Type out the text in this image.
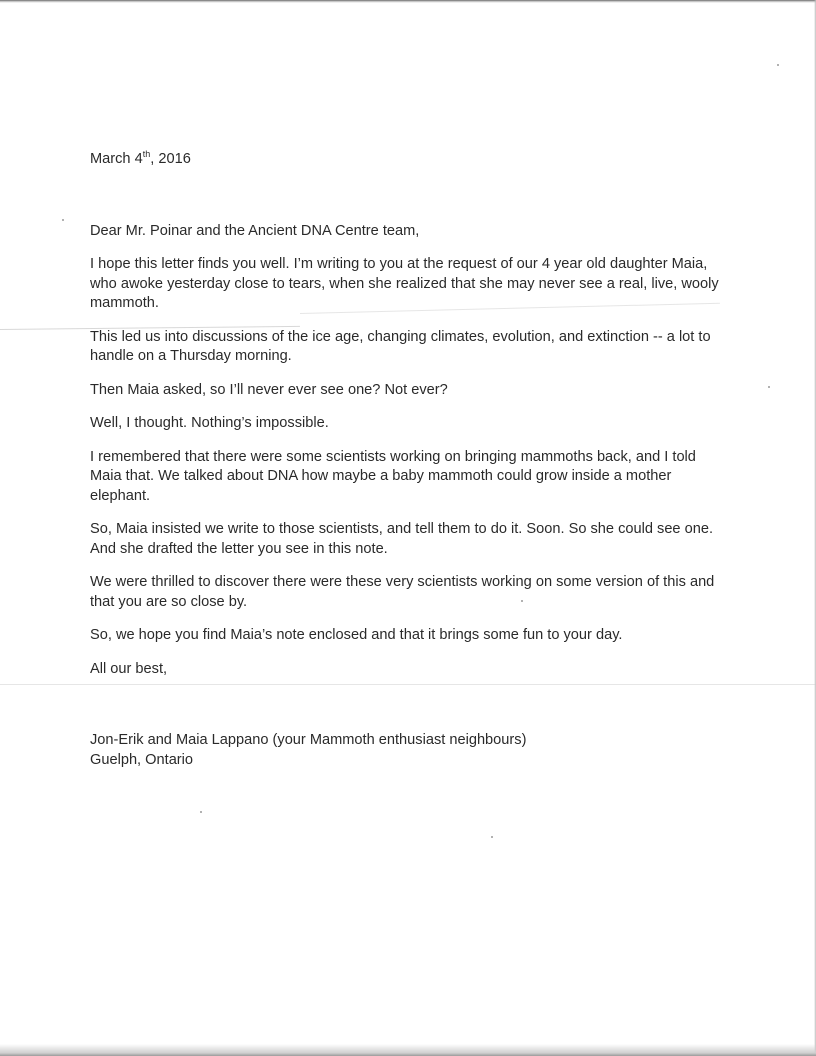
March 4th, 2016

Dear Mr. Poinar and the Ancient DNA Centre team,

I hope this letter finds you well. I’m writing to you at the request of our 4 year old daughter Maia, who awoke yesterday close to tears, when she realized that she may never see a real, live, wooly mammoth.

This led us into discussions of the ice age, changing climates, evolution, and extinction -- a lot to handle on a Thursday morning.

Then Maia asked, so I’ll never ever see one? Not ever?

Well, I thought. Nothing’s impossible.

I remembered that there were some scientists working on bringing mammoths back, and I told Maia that. We talked about DNA how maybe a baby mammoth could grow inside a mother elephant.

So, Maia insisted we write to those scientists, and tell them to do it. Soon. So she could see one. And she drafted the letter you see in this note.

We were thrilled to discover there were these very scientists working on some version of this and that you are so close by.

So, we hope you find Maia’s note enclosed and that it brings some fun to your day.

All our best,

Jon-Erik and Maia Lappano (your Mammoth enthusiast neighbours)

Guelph, Ontario
